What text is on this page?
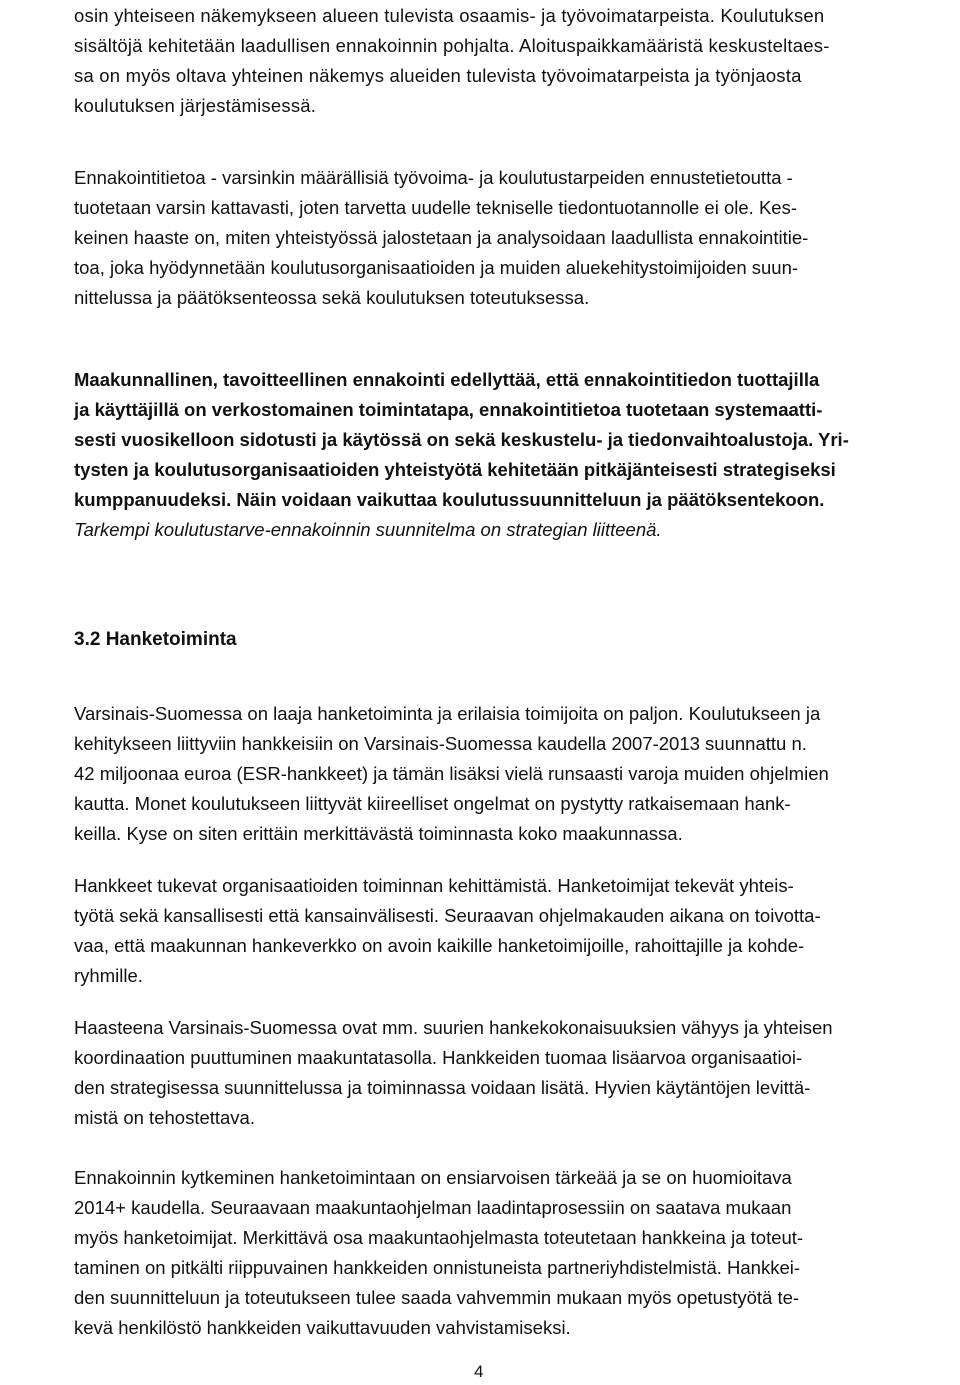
osin yhteiseen näkemykseen alueen tulevista osaamis- ja työvoimatarpeista. Koulutuksen
sisältöjä kehitetään laadullisen ennakoinnin pohjalta. Aloituspaikkamääristä keskusteltaes-
sa on myös oltava yhteinen näkemys alueiden tulevista työvoimatarpeista ja työnjaosta
koulutuksen järjestämisessä.

Ennakointitietoa - varsinkin määrällisiä työvoima- ja koulutustarpeiden ennustetietoutta -
tuotetaan varsin kattavasti, joten tarvetta uudelle tekniselle tiedontuotannolle ei ole. Kes-
keinen haaste on, miten yhteistyössä jalostetaan ja analysoidaan laadullista ennakointitie-
toa, joka hyödynnetään koulutusorganisaatioiden ja muiden aluekehitystoimijoiden suun-
nittelussa ja päätöksenteossa sekä koulutuksen toteutuksessa.

Maakunnallinen, tavoitteellinen ennakointi edellyttää, että ennakointitiedon tuottajilla
ja käyttäjillä on verkostomainen toimintatapa, ennakointitietoa tuotetaan systemaatti-
sesti vuosikelloon sidotusti ja käytössä on sekä keskustelu- ja tiedonvaihtoalustoja. Yri-
tysten ja koulutusorganisaatioiden yhteistyötä kehitetään pitkäjänteisesti strategiseksi
kumppanuudeksi. Näin voidaan vaikuttaa koulutussuunnitteluun ja päätöksentekoon.
Tarkempi koulutustarve-ennakoinnin suunnitelma on strategian liitteenä.

3.2 Hanketoiminta

Varsinais-Suomessa on laaja hanketoiminta ja erilaisia toimijoita on paljon. Koulutukseen ja
kehitykseen liittyviin hankkeisiin on Varsinais-Suomessa kaudella 2007-2013 suunnattu n.
42 miljoonaa euroa (ESR-hankkeet) ja tämän lisäksi vielä runsaasti varoja muiden ohjelmien
kautta. Monet koulutukseen liittyvät kiireelliset ongelmat on pystytty ratkaisemaan hank-
keilla. Kyse on siten erittäin merkittävästä toiminnasta koko maakunnassa.

Hankkeet tukevat organisaatioiden toiminnan kehittämistä. Hanketoimijat tekevät yhteis-
työtä sekä kansallisesti että kansainvälisesti. Seuraavan ohjelmakauden aikana on toivotta-
vaa, että maakunnan hankeverkko on avoin kaikille hanketoimijoille, rahoittajille ja kohde-
ryhmille.

Haasteena Varsinais-Suomessa ovat mm. suurien hankekokonaisuuksien vähyys ja yhteisen
koordinaation puuttuminen maakuntatasolla. Hankkeiden tuomaa lisäarvoa organisaatioi-
den strategisessa suunnittelussa ja toiminnassa voidaan lisätä. Hyvien käytäntöjen levittä-
mistä on tehostettava.

Ennakoinnin kytkeminen hanketoimintaan on ensiarvoisen tärkeää ja se on huomioitava
2014+ kaudella. Seuraavaan maakuntaohjelman laadintaprosessiin on saatava mukaan
myös hanketoimijat. Merkittävä osa maakuntaohjelmasta toteutetaan hankkeina ja toteut-
taminen on pitkälti riippuvainen hankkeiden onnistuneista partneriyhdistelmistä. Hankkei-
den suunnitteluun ja toteutukseen tulee saada vahvemmin mukaan myös opetustyötä te-
kevä henkilöstö hankkeiden vaikuttavuuden vahvistamiseksi.

4
